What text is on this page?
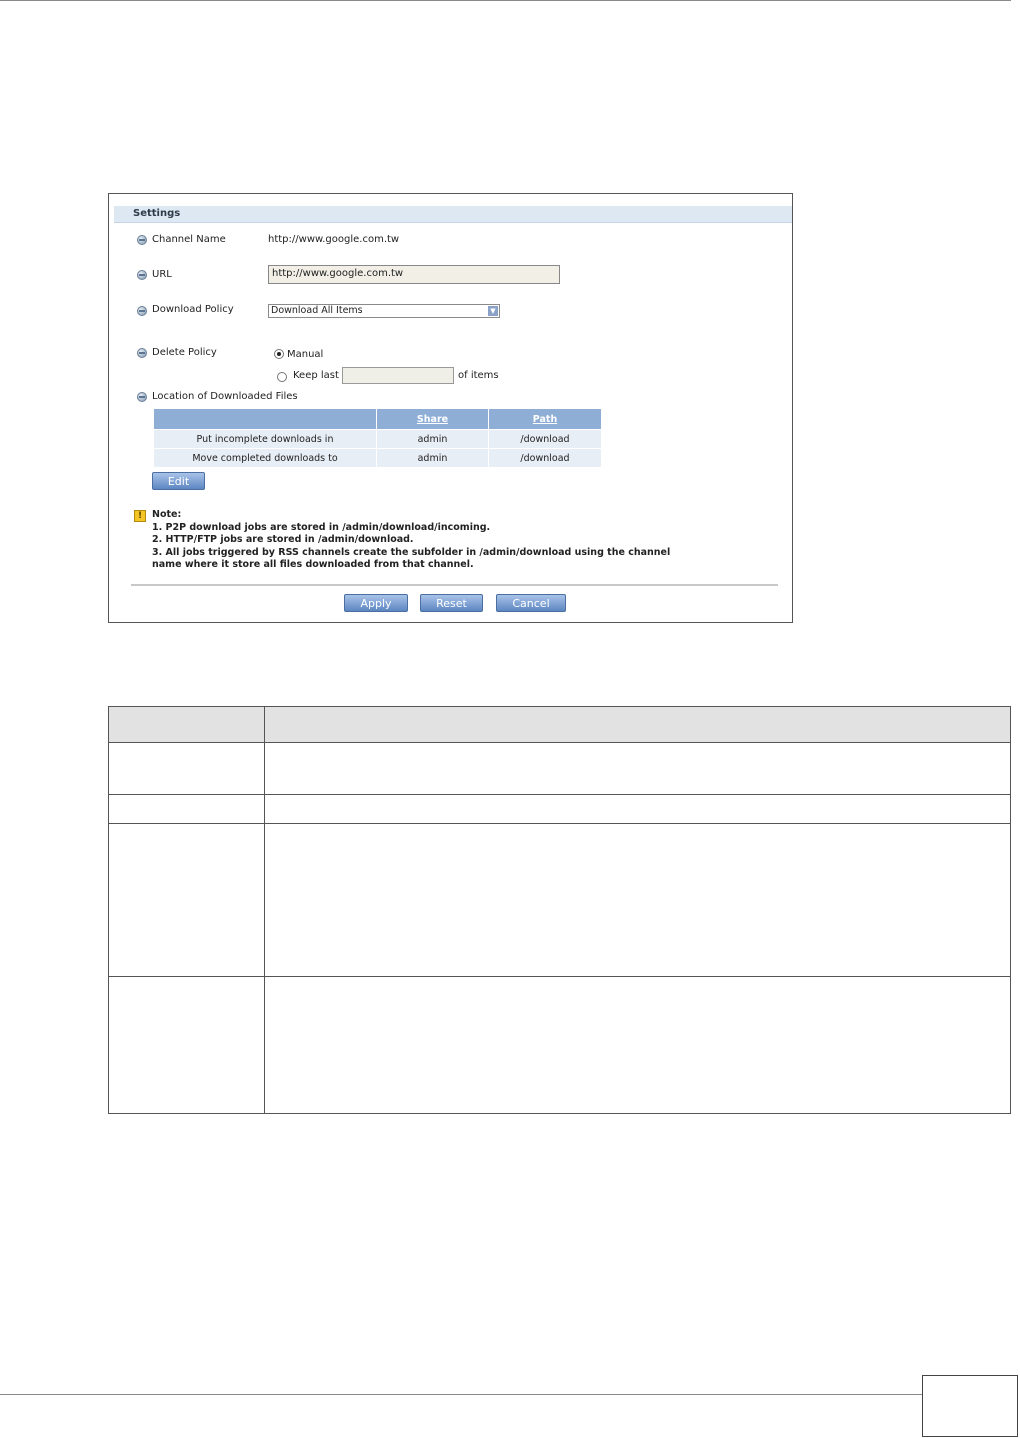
Settings
Channel Name	http://www.google.com.tw
URL	http://www.google.com.tw
Download Policy	Download All Items	▼
Delete Policy	Manual
Keep last	of items
Location of Downloaded Files
	Share	Path
Put incomplete downloads in	admin	/download
Move completed downloads to	admin	/download
Edit
!	Note:
1. P2P download jobs are stored in /admin/download/incoming.
2. HTTP/FTP jobs are stored in /admin/download.
3. All jobs triggered by RSS channels create the subfolder in /admin/download using the channel
name where it store all files downloaded from that channel.
Apply	Reset	Cancel
